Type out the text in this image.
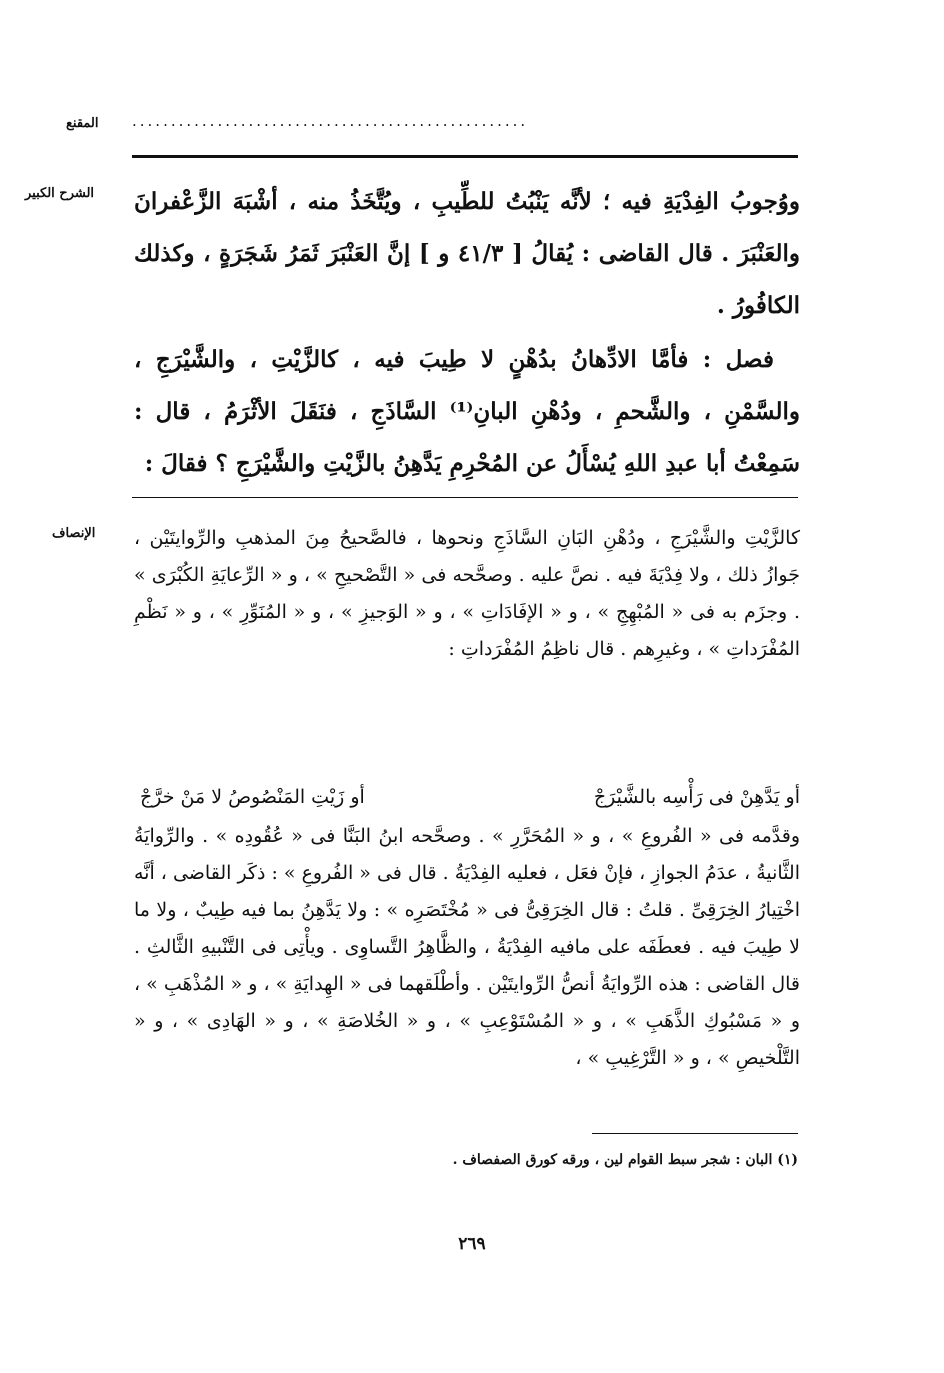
المقنع ...................................................
الشرح الكبير ووُجوبُ الفِدْيَةِ فيه ؛ لأنَّه يَنْبُتُ للطِّيبِ ، ويُتَّخَذُ منه ، أشْبَهَ الزَّعْفرانَ والعَنْبَرَ . قال القاضى : يُقالُ [ ٤١/٣ و ] إنَّ العَنْبَرَ ثَمَرُ شَجَرَةٍ ، وكذلك الكافُورُ .

فصل : فأمَّا الادِّهانُ بدُهْنٍ لا طِيبَ فيه ، كالزَّيْتِ ، والشَّيْرَجِ ، والسَّمْنِ ، والشَّحمِ ، ودُهْنِ البانِ⁽¹⁾ السَّاذَجِ ، فنَقَلَ الأثْرَمُ ، قال : سَمِعْتُ أبا عبدِ اللهِ يُسْأَلُ عن المُحْرِمِ يَدَّهِنُ بالزَّيْتِ والشَّيْرَجِ ؟ فقالَ :

الإنصاف كالزَّيْتِ والشَّيْرَجِ ، ودُهْنِ البَانِ السَّاذَجِ ونحوها ، فالصَّحيحُ مِنَ المذهبِ والرِّوايتَيْن ، جَوازُ ذلك ، ولا فِدْيَةَ فيه . نصَّ عليه . وصحَّحه فى « التَّصْحيحِ » ، و « الرِّعايَةِ الكُبْرَى » . وجزَم به فى « المُبْهِجِ » ، و « الإفَادَاتِ » ، و « الوَجيزِ » ، و « المُنَوِّرِ » ، و « نَظْمِ المُفْرَداتِ » ، وغيرِهم . قال ناظِمُ المُفْرَداتِ :

أو يَدَّهِنْ فى رَأْسِه بالشَّيْرَجْ
أو زَيْتِ المَنْصُوصُ لا مَنْ خرَّجْ

وقدَّمه فى « الفُروعِ » ، و « المُحَرَّرِ » . وصحَّحه ابنُ البَنَّا فى « عُقُودِه » . والرِّوايَةُ الثَّانيةُ ، عدَمُ الجوازِ ، فإنْ فعَل ، فعليه الفِدْيَةُ . قال فى « الفُروعِ » : ذكَر القاضى ، أنَّه اخْتِيارُ الخِرَقِىِّ . قلتُ : قال الخِرَقِىُّ فى « مُخْتَصَرِه » : ولا يَدَّهِنُ بما فيه طِيبٌ ، ولا ما لا طِيبَ فيه . فعطَفَه على مافيه الفِدْيَةُ ، والظَّاهِرُ التَّساوِى . ويأْتِى فى التَّنْبيهِ الثَّالثِ . قال القاضى : هذه الرِّوايَةُ أنصُّ الرِّوايتَيْن . وأطْلَقهما فى « الهِدايَةِ » ، و « المُذْهَبِ » ، و « مَسْبُوكِ الذَّهَبِ » ، و « المُسْتَوْعِبِ » ، و « الخُلاصَةِ » ، و « الهَادِى » ، و « التَّلْخيصِ » ، و « التَّرْغِيبِ » ،

(١) البان : شجر سبط القوام لين ، ورقه كورق الصفصاف .
٢٦٩
